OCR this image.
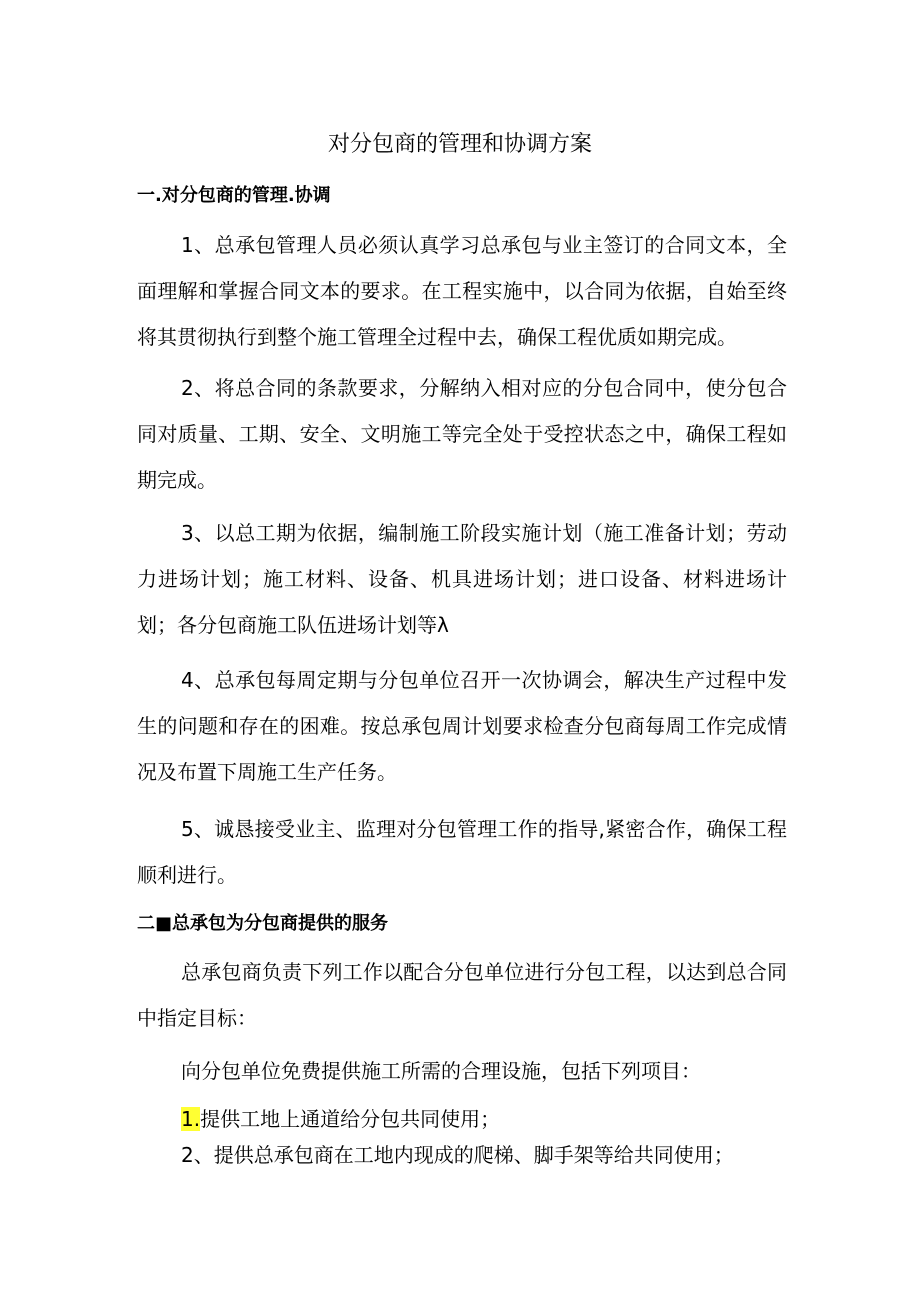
对分包商的管理和协调方案
一.对分包商的管理.协调

1、总承包管理人员必须认真学习总承包与业主签订的合同文本，全面理解和掌握合同文本的要求。在工程实施中，以合同为依据，自始至终将其贯彻执行到整个施工管理全过程中去，确保工程优质如期完成。

2、将总合同的条款要求，分解纳入相对应的分包合同中，使分包合同对质量、工期、安全、文明施工等完全处于受控状态之中，确保工程如期完成。

3、以总工期为依据，编制施工阶段实施计划（施工准备计划；劳动力进场计划；施工材料、设备、机具进场计划；进口设备、材料进场计划；各分包商施工队伍进场计划等λ

4、总承包每周定期与分包单位召开一次协调会，解决生产过程中发生的问题和存在的困难。按总承包周计划要求检查分包商每周工作完成情况及布置下周施工生产任务。

5、诚恳接受业主、监理对分包管理工作的指导,紧密合作，确保工程顺利进行。

二■总承包为分包商提供的服务

总承包商负责下列工作以配合分包单位进行分包工程，以达到总合同中指定目标：

向分包单位免费提供施工所需的合理设施，包括下列项目：

1.提供工地上通道给分包共同使用；

2、提供总承包商在工地内现成的爬梯、脚手架等给共同使用；
